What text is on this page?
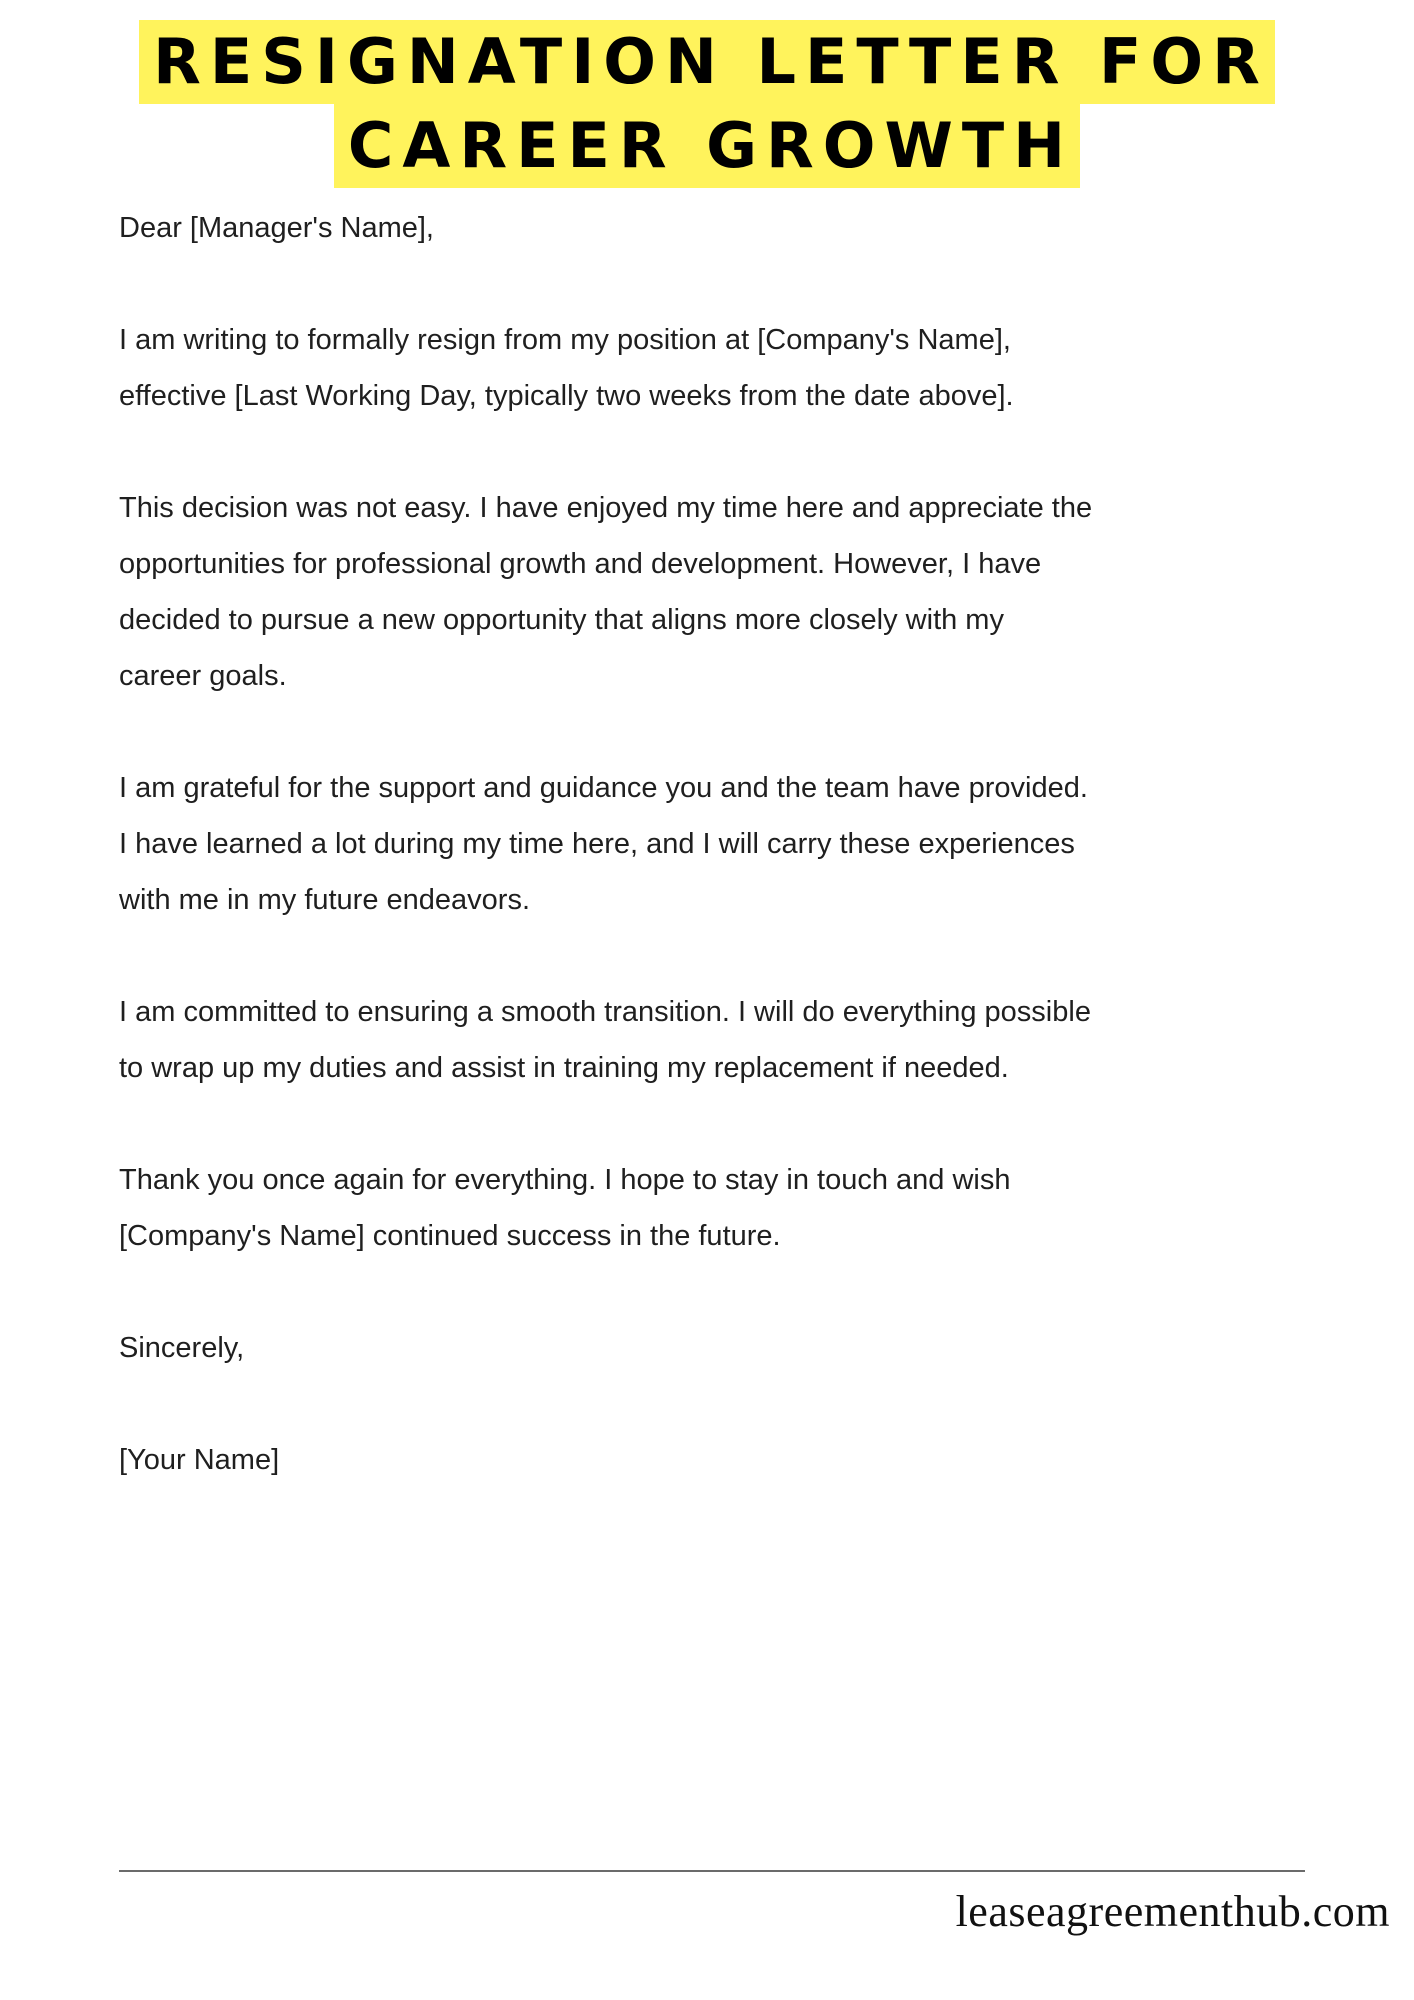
RESIGNATION LETTER FOR
CAREER GROWTH

Dear [Manager's Name],

I am writing to formally resign from my position at [Company's Name],
effective [Last Working Day, typically two weeks from the date above].

This decision was not easy. I have enjoyed my time here and appreciate the
opportunities for professional growth and development. However, I have
decided to pursue a new opportunity that aligns more closely with my
career goals.

I am grateful for the support and guidance you and the team have provided.
I have learned a lot during my time here, and I will carry these experiences
with me in my future endeavors.

I am committed to ensuring a smooth transition. I will do everything possible
to wrap up my duties and assist in training my replacement if needed.

Thank you once again for everything. I hope to stay in touch and wish
[Company's Name] continued success in the future.

Sincerely,

[Your Name]

leaseagreementhub.com
